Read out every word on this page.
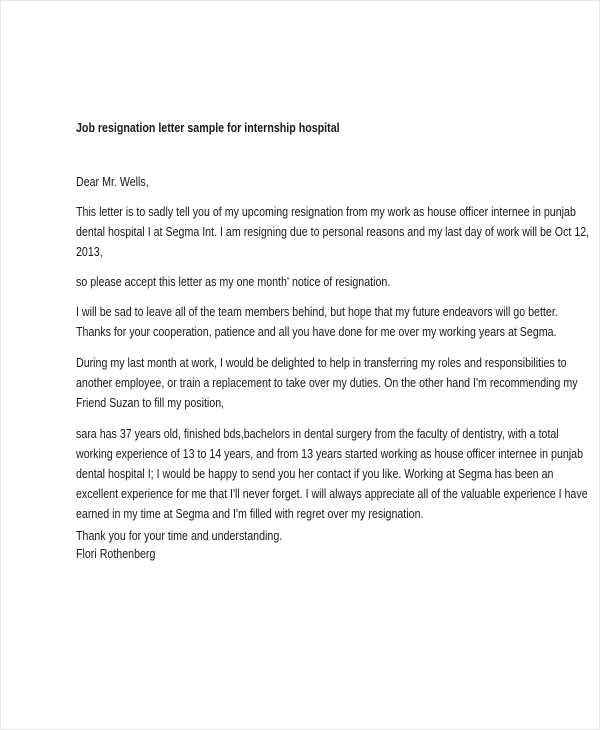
Job resignation letter sample for internship hospital
Dear Mr. Wells,
This letter is to sadly tell you of my upcoming resignation from my work as house officer internee in punjab
dental hospital I at Segma Int. I am resigning due to personal reasons and my last day of work will be Oct 12,
2013,
so please accept this letter as my one month' notice of resignation.
I will be sad to leave all of the team members behind, but hope that my future endeavors will go better.
Thanks for your cooperation, patience and all you have done for me over my working years at Segma.
During my last month at work, I would be delighted to help in transferring my roles and responsibilities to
another employee, or train a replacement to take over my duties. On the other hand I'm recommending my
Friend Suzan to fill my position,
sara has 37 years old, finished bds,bachelors in dental surgery from the faculty of dentistry, with a total
working experience of 13 to 14 years, and from 13 years started working as house officer internee in punjab
dental hospital I; I would be happy to send you her contact if you like. Working at Segma has been an
excellent experience for me that I'll never forget. I will always appreciate all of the valuable experience I have
earned in my time at Segma and I'm filled with regret over my resignation.
Thank you for your time and understanding.
Flori Rothenberg
